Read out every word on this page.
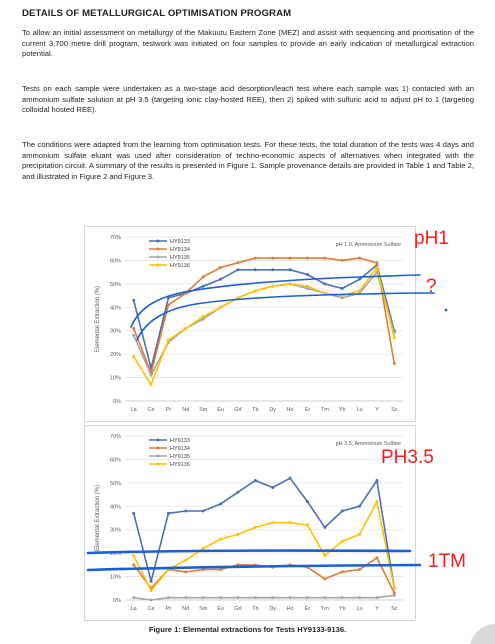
DETAILS OF METALLURGICAL OPTIMISATION PROGRAM
To allow an initial assessment on metallurgy of the Makuutu Eastern Zone (MEZ) and assist with sequencing and priortisation of the current 3,700 metre drill program, testwork was initiated on four samples to provide an early indication of metallurgical extraction potential.
Tests on each sample were undertaken as a two-stage acid desorption/leach test where each sample was 1) contacted with an ammonium sulfate solution at pH 3.5 (targeting ionic clay-hosted REE), then 2) spiked with sulfuric acid to adjust pH to 1 (targeting colloidal hosted REE).
The conditions were adapted from the learning from optimisation tests. For these tests, the total duration of the tests was 4 days and ammonium sulfate eluant was used after consideration of techno-economic aspects of alternatives when integrated with the precipitation circuit. A summary of the results is presented in Figure 1. Sample provenance details are provided in Table 1 and Table 2, and illustrated in Figure 2 and Figure 3.
0%
10%
20%
30%
40%
50%
60%
70%
La Ce Pr Nd Sm Eu Gd Tb Dy Ho Er Tm Yb Lu Y Sc
Elemental Extraction (%)
pH 1.0, Ammonium Sulfate
HY9133
HY9134
HY9135
HY9136
0%
10%
20%
30%
40%
50%
60%
70%
La Ce Pr Nd Sm Eu Gd Tb Dy Ho Er Tm Yb Lu Y Sc
Elemental Extraction (%)
pH 3.5, Ammonium Sulfate
HY9133
HY9134
HY9135
HY9136
Figure 1: Elemental extractions for Tests HY9133-9136.
pH1
?
PH3.5
1TM
